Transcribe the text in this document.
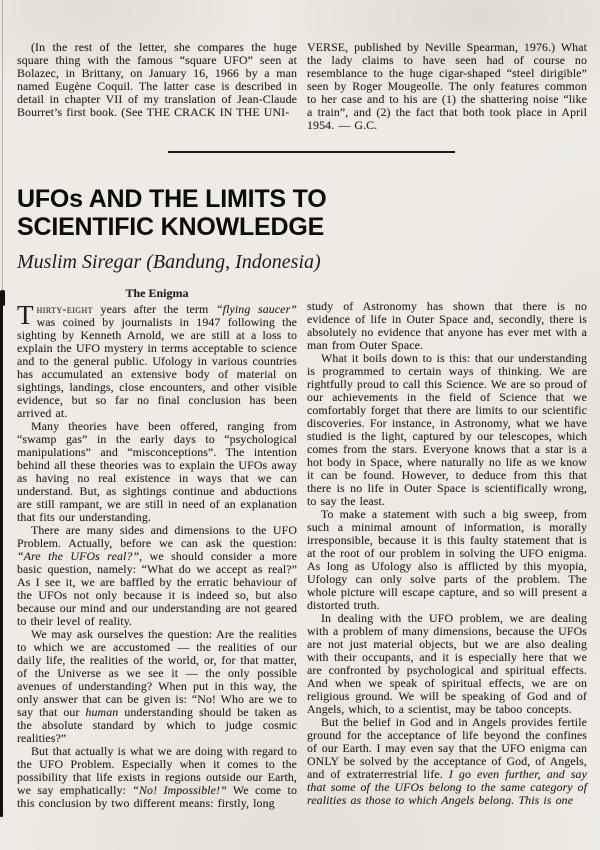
(In the rest of the letter, she compares the huge square thing with the famous “square UFO” seen at Bolazec, in Brittany, on January 16, 1966 by a man named Eugène Coquil. The latter case is described in detail in chapter VII of my translation of Jean-Claude Bourret’s first book. (See THE CRACK IN THE UNI-

VERSE, published by Neville Spearman, 1976.) What the lady claims to have seen had of course no resemblance to the huge cigar-shaped “steel dirigible” seen by Roger Mougeolle. The only features common to her case and to his are (1) the shattering noise “like a train”, and (2) the fact that both took place in April 1954. — G.C.

UFOs AND THE LIMITS TO
SCIENTIFIC KNOWLEDGE
Muslim Siregar (Bandung, Indonesia)
The Enigma

Thirty-eight years after the term “flying saucer” was coined by journalists in 1947 following the sighting by Kenneth Arnold, we are still at a loss to explain the UFO mystery in terms acceptable to science and to the general public. Ufology in various countries has accumulated an extensive body of material on sightings, landings, close encounters, and other visible evidence, but so far no final conclusion has been arrived at.

Many theories have been offered, ranging from “swamp gas” in the early days to “psychological manipulations” and “misconceptions”. The intention behind all these theories was to explain the UFOs away as having no real existence in ways that we can understand. But, as sightings continue and abductions are still rampant, we are still in need of an explanation that fits our understanding.

There are many sides and dimensions to the UFO Problem. Actually, before we can ask the question: “Are the UFOs real?”, we should consider a more basic question, namely: “What do we accept as real?” As I see it, we are baffled by the erratic behaviour of the UFOs not only because it is indeed so, but also because our mind and our understanding are not geared to their level of reality.

We may ask ourselves the question: Are the realities to which we are accustomed — the realities of our daily life, the realities of the world, or, for that matter, of the Universe as we see it — the only possible avenues of understanding? When put in this way, the only answer that can be given is: “No! Who are we to say that our human understanding should be taken as the absolute standard by which to judge cosmic realities?”

But that actually is what we are doing with regard to the UFO Problem. Especially when it comes to the possibility that life exists in regions outside our Earth, we say emphatically: “No! Impossible!” We come to this conclusion by two different means: firstly, long

study of Astronomy has shown that there is no evidence of life in Outer Space and, secondly, there is absolutely no evidence that anyone has ever met with a man from Outer Space.

What it boils down to is this: that our understanding is programmed to certain ways of thinking. We are rightfully proud to call this Science. We are so proud of our achievements in the field of Science that we comfortably forget that there are limits to our scientific discoveries. For instance, in Astronomy, what we have studied is the light, captured by our telescopes, which comes from the stars. Everyone knows that a star is a hot body in Space, where naturally no life as we know it can be found. However, to deduce from this that there is no life in Outer Space is scientifically wrong, to say the least.

To make a statement with such a big sweep, from such a minimal amount of information, is morally irresponsible, because it is this faulty statement that is at the root of our problem in solving the UFO enigma. As long as Ufology also is afflicted by this myopia, Ufology can only solve parts of the problem. The whole picture will escape capture, and so will present a distorted truth.

In dealing with the UFO problem, we are dealing with a problem of many dimensions, because the UFOs are not just material objects, but we are also dealing with their occupants, and it is especially here that we are confronted by psychological and spiritual effects. And when we speak of spiritual effects, we are on religious ground. We will be speaking of God and of Angels, which, to a scientist, may be taboo concepts.

But the belief in God and in Angels provides fertile ground for the acceptance of life beyond the confines of our Earth. I may even say that the UFO enigma can ONLY be solved by the acceptance of God, of Angels, and of extraterrestrial life. I go even further, and say that some of the UFOs belong to the same category of realities as those to which Angels belong. This is one
